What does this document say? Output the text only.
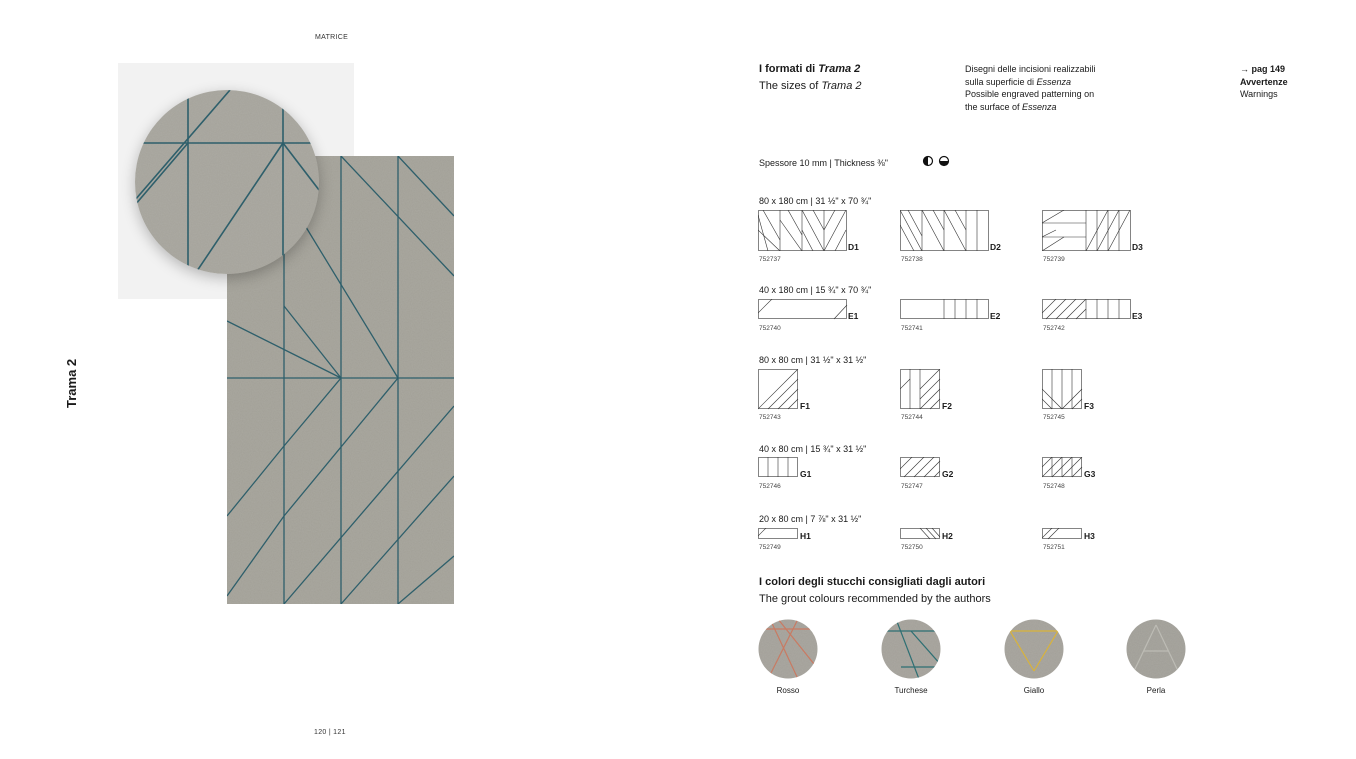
MATRICE
Trama 2
120 | 121
I formati di Trama 2
The sizes of Trama 2
Disegni delle incisioni realizzabili
sulla superficie di Essenza
Possible engraved patterning on
the surface of Essenza
→ pag 149
Avvertenze
Warnings
Spessore 10 mm | Thickness ⅜"
80 x 180 cm | 31 ½" x 70 ¾"
D1
752737
D2
752738
D3
752739
40 x 180 cm | 15 ¾" x 70 ¾"
E1
752740
E2
752741
E3
752742
80 x 80 cm | 31 ½" x 31 ½"
F1
752743
F2
752744
F3
752745
40 x 80 cm | 15 ¾" x 31 ½"
G1
752746
G2
752747
G3
752748
20 x 80 cm | 7 ⅞" x 31 ½"
H1
752749
H2
752750
H3
752751
I colori degli stucchi consigliati dagli autori
The grout colours recommended by the authors
Rosso	Turchese	Giallo	Perla
